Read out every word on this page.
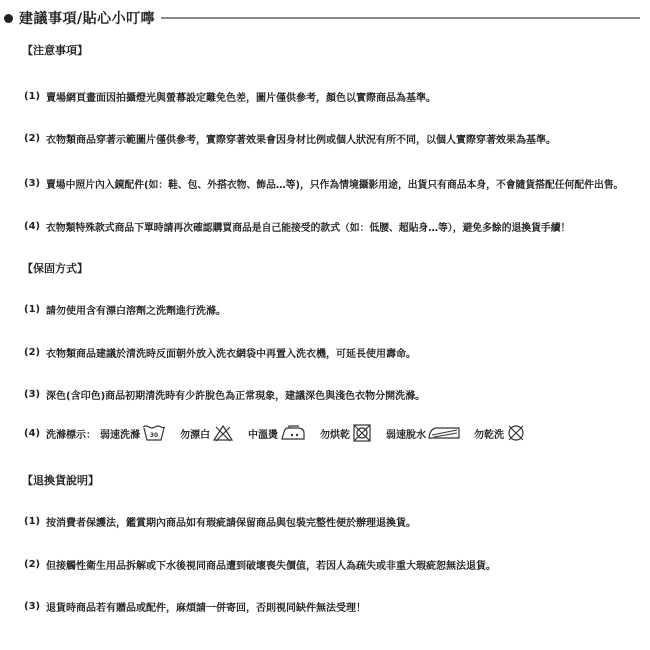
建議事項/貼心小叮嚀
【注意事項】
(1) 賣場網頁畫面因拍攝燈光與螢幕設定難免色差，圖片僅供參考，顏色以實際商品為基準。
(2) 衣物類商品穿著示範圖片僅供參考，實際穿著效果會因身材比例或個人狀況有所不同，以個人實際穿著效果為基準。
(3) 賣場中照片內入鏡配件(如：鞋、包、外搭衣物、飾品…等)，只作為情境攝影用途，出貨只有商品本身，不會隨貨搭配任何配件出售。
(4) 衣物類特殊款式商品下單時請再次確認購買商品是自己能接受的款式（如：低腰、超貼身…等），避免多餘的退換貨手續！
【保固方式】
(1) 請勿使用含有漂白溶劑之洗劑進行洗滌。
(2) 衣物類商品建議於清洗時反面朝外放入洗衣網袋中再置入洗衣機，可延長使用壽命。
(3) 深色(含印色)商品初期清洗時有少許脫色為正常現象，建議深色與淺色衣物分開洗滌。
(4) 洗滌標示： 弱速洗滌 30 勿漂白	中溫燙	勿烘乾	弱速脫水	勿乾洗
【退換貨說明】
(1) 按消費者保護法，鑑賞期內商品如有瑕疵請保留商品與包裝完整性便於辦理退換貨。
(2) 但接觸性衛生用品拆解或下水後視同商品遭到破壞喪失價值，若因人為疏失或非重大瑕疵恕無法退貨。
(3) 退貨時商品若有贈品或配件，麻煩請一併寄回，否則視同缺件無法受理！
